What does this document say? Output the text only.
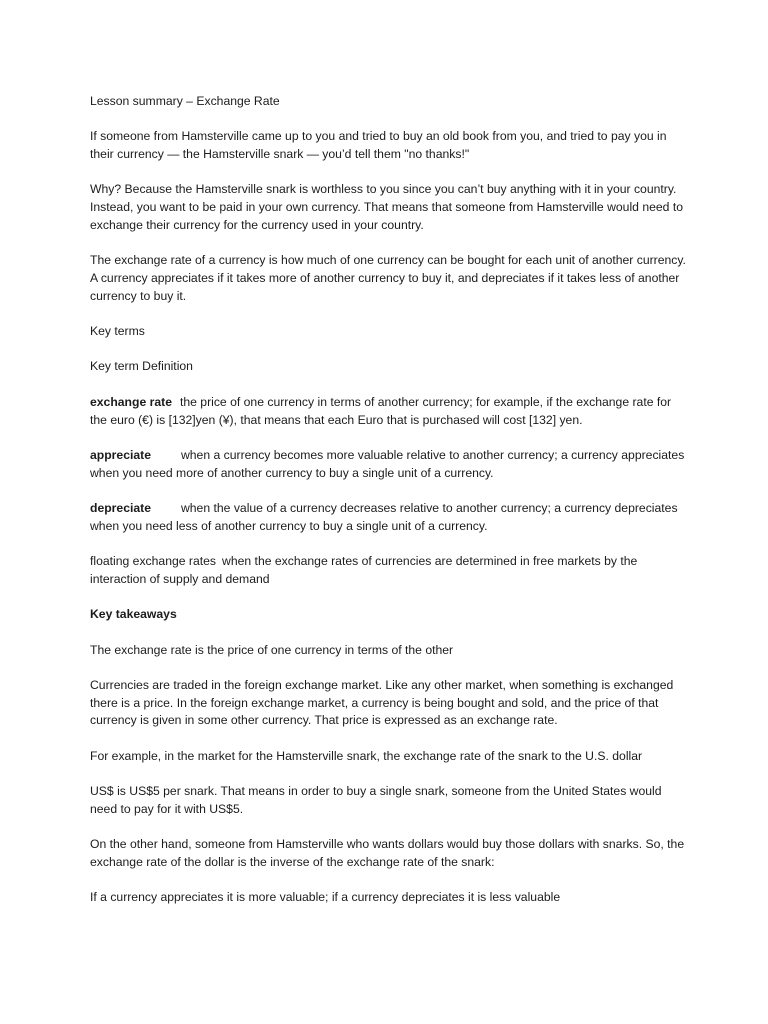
Lesson summary – Exchange Rate

If someone from Hamsterville came up to you and tried to buy an old book from you, and tried to pay you in their currency — the Hamsterville snark — you’d tell them "no thanks!"

Why? Because the Hamsterville snark is worthless to you since you can’t buy anything with it in your country. Instead, you want to be paid in your own currency. That means that someone from Hamsterville would need to exchange their currency for the currency used in your country.

The exchange rate of a currency is how much of one currency can be bought for each unit of another currency. A currency appreciates if it takes more of another currency to buy it, and depreciates if it takes less of another currency to buy it.

Key terms

Key term Definition

exchange rate the price of one currency in terms of another currency; for example, if the exchange rate for the euro (€) is [132]yen (¥), that means that each Euro that is purchased will cost [132] yen.

appreciate when a currency becomes more valuable relative to another currency; a currency appreciates when you need more of another currency to buy a single unit of a currency.

depreciate when the value of a currency decreases relative to another currency; a currency depreciates when you need less of another currency to buy a single unit of a currency.

floating exchange rates when the exchange rates of currencies are determined in free markets by the interaction of supply and demand

Key takeaways

The exchange rate is the price of one currency in terms of the other

Currencies are traded in the foreign exchange market. Like any other market, when something is exchanged there is a price. In the foreign exchange market, a currency is being bought and sold, and the price of that currency is given in some other currency. That price is expressed as an exchange rate.

For example, in the market for the Hamsterville snark, the exchange rate of the snark to the U.S. dollar

US$ is US$5 per snark. That means in order to buy a single snark, someone from the United States would need to pay for it with US$5.

On the other hand, someone from Hamsterville who wants dollars would buy those dollars with snarks. So, the exchange rate of the dollar is the inverse of the exchange rate of the snark:

If a currency appreciates it is more valuable; if a currency depreciates it is less valuable
